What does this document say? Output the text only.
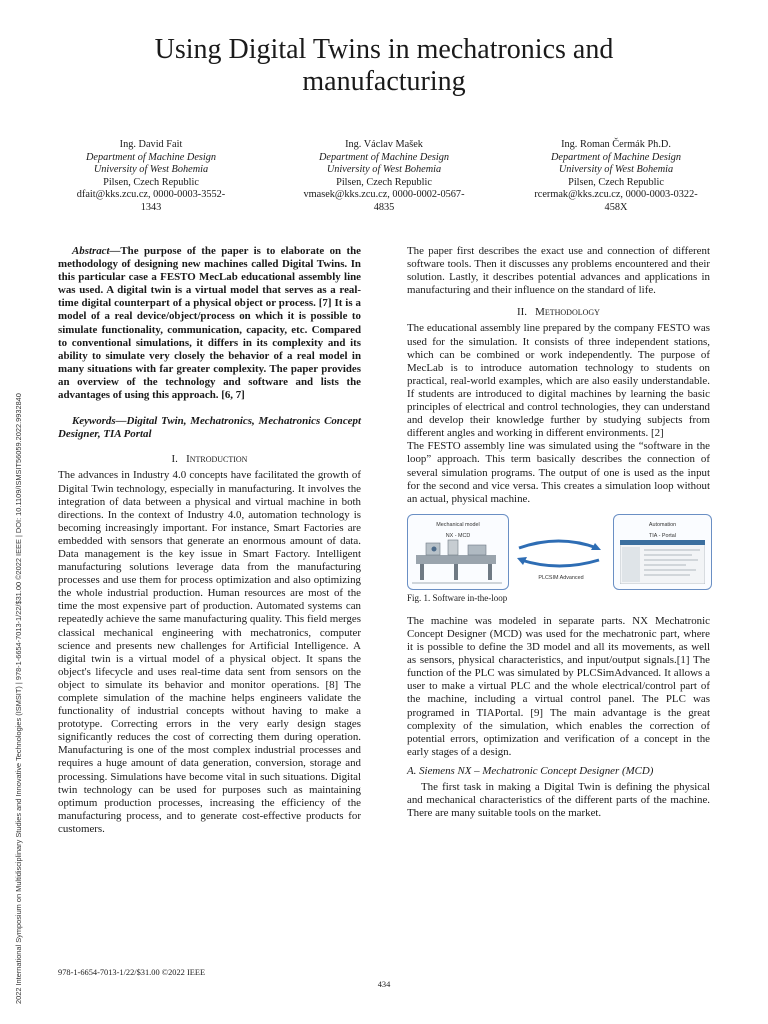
Using Digital Twins in mechatronics and
manufacturing
Ing. David Fait
Department of Machine Design
University of West Bohemia
Pilsen, Czech Republic
dfait@kks.zcu.cz, 0000-0003-3552-
1343
Ing. Václav Mašek
Department of Machine Design
University of West Bohemia
Pilsen, Czech Republic
vmasek@kks.zcu.cz, 0000-0002-0567-
4835
Ing. Roman Čermák Ph.D.
Department of Machine Design
University of West Bohemia
Pilsen, Czech Republic
rcermak@kks.zcu.cz, 0000-0003-0322-
458X
2022 International Symposium on Multidisciplinary Studies and Innovative Technologies (ISMSIT) | 978-1-6654-7013-1/22/$31.00 ©2022 IEEE | DOI: 10.1109/ISMSIT56059.2022.9932840

Abstract—The purpose of the paper is to elaborate on the methodology of designing new machines called Digital Twins. In this particular case a FESTO MecLab educational assembly line was used. A digital twin is a virtual model that serves as a real-time digital counterpart of a physical object or process. [7] It is a model of a real device/object/process on which it is possible to simulate functionality, communication, capacity, etc. Compared to conventional simulations, it differs in its complexity and its ability to simulate very closely the behavior of a real model in many situations with far greater complexity. The paper provides an overview of the technology and software and lists the advantages of using this approach. [6, 7]

Keywords—Digital Twin, Mechatronics, Mechatronics Concept Designer, TIA Portal

I. Introduction

The advances in Industry 4.0 concepts have facilitated the growth of Digital Twin technology, especially in manufacturing. It involves the integration of data between a physical and virtual machine in both directions. In the context of Industry 4.0, automation technology is becoming increasingly important. For instance, Smart Factories are embedded with sensors that generate an enormous amount of data. Data management is the key issue in Smart Factory. Intelligent manufacturing solutions leverage data from the manufacturing processes and use them for process optimization and also optimizing the whole industrial production. Human resources are most of the time the most expensive part of production. Automated systems can repeatedly achieve the same manufacturing quality. This field merges classical mechanical engineering with mechatronics, computer science and presents new challenges for Artificial Intelligence. A digital twin is a virtual model of a physical object. It spans the object's lifecycle and uses real-time data sent from sensors on the object to simulate its behavior and monitor operations. [8] The complete simulation of the machine helps engineers validate the functionality of industrial concepts without having to make a prototype. Correcting errors in the very early design stages significantly reduces the cost of correcting them during operation. Manufacturing is one of the most complex industrial processes and requires a huge amount of data generation, conversion, storage and processing. Simulations have become vital in such situations. Digital twin technology can be used for purposes such as maintaining optimum production processes, increasing the efficiency of the manufacturing process, and to generate cost-effective products for customers.

The paper first describes the exact use and connection of different software tools. Then it discusses any problems encountered and their solution. Lastly, it describes potential advances and applications in manufacturing and their influence on the standard of life.

II. Methodology

The educational assembly line prepared by the company FESTO was used for the simulation. It consists of three independent stations, which can be combined or work independently. The purpose of MecLab is to introduce automation technology to students on practical, real-world examples, which are also easily understandable. If students are introduced to digital machines by learning the basic principles of electrical and control technologies, they can understand and develop their knowledge further by studying subjects from different angles and working in different environments. [2]

The FESTO assembly line was simulated using the “software in the loop” approach. This term basically describes the connection of several simulation programs. The output of one is used as the input for the second and vice versa. This creates a simulation loop without an actual, physical machine.

Mechanical model
NX - MCD
PLCSIM Advanced
Automation
TIA - Portal
Fig. 1. Software in-the-loop

The machine was modeled in separate parts. NX Mechatronic Concept Designer (MCD) was used for the mechatronic part, where it is possible to define the 3D model and all its movements, as well as sensors, physical characteristics, and input/output signals.[1] The function of the PLC was simulated by PLCSimAdvanced. It allows a user to make a virtual PLC and the whole electrical/control part of the machine, including a virtual control panel. The PLC was programed in TIAPortal. [9] The main advantage is the great complexity of the simulation, which enables the correction of potential errors, optimization and verification of a concept in the early stages of a design.

A. Siemens NX – Mechatronic Concept Designer (MCD)

The first task in making a Digital Twin is defining the physical and mechanical characteristics of the different parts of the machine. There are many suitable tools on the market.

978-1-6654-7013-1/22/$31.00 ©2022 IEEE
434
